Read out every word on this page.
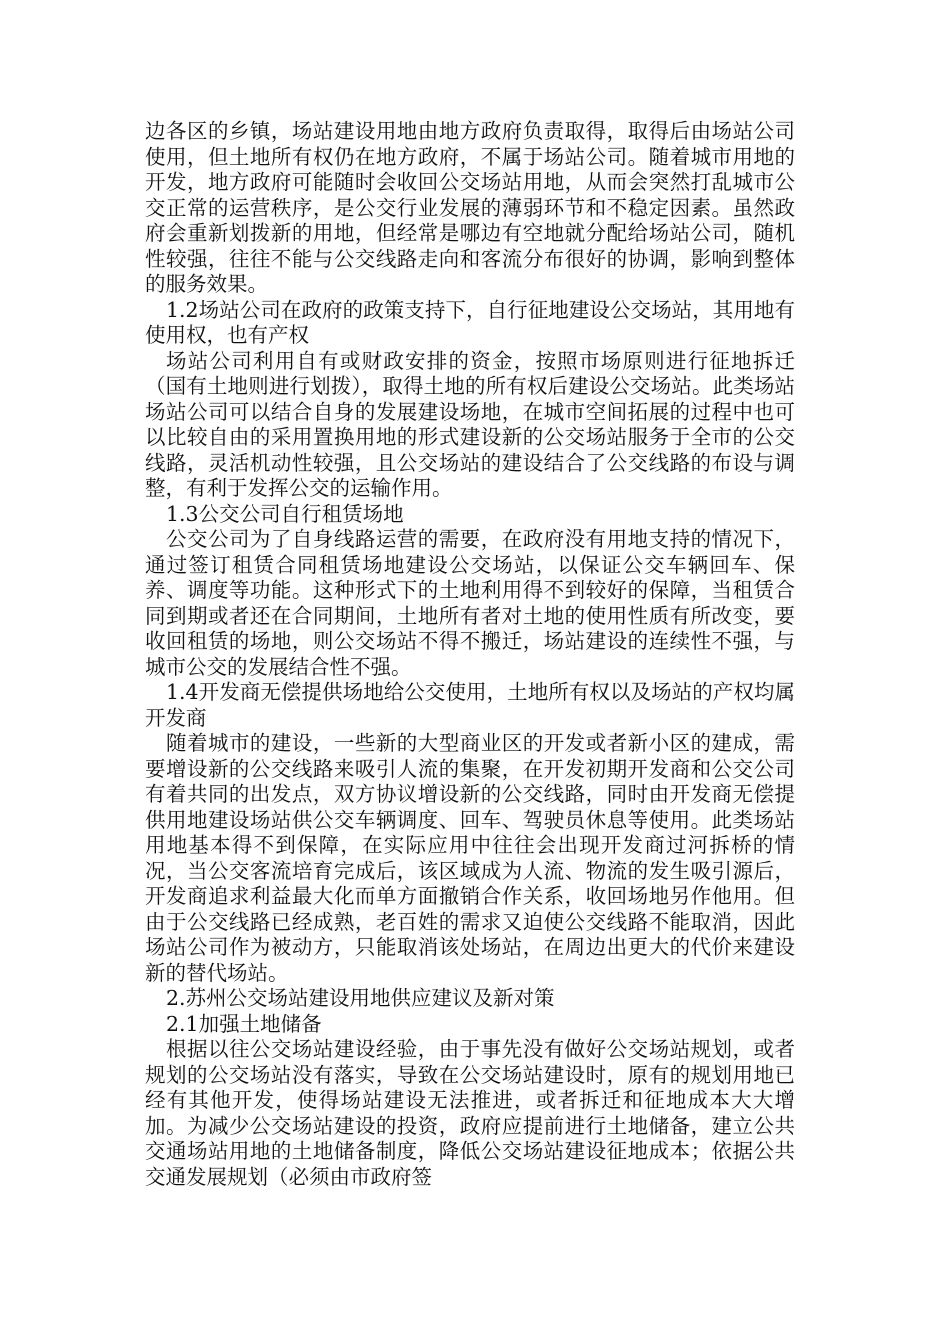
边各区的乡镇，场站建设用地由地方政府负责取得，取得后由场站公司使用，但土地所有权仍在地方政府，不属于场站公司。随着城市用地的开发，地方政府可能随时会收回公交场站用地，从而会突然打乱城市公交正常的运营秩序，是公交行业发展的薄弱环节和不稳定因素。虽然政府会重新划拨新的用地，但经常是哪边有空地就分配给场站公司，随机性较强，往往不能与公交线路走向和客流分布很好的协调，影响到整体的服务效果。

1.2场站公司在政府的政策支持下，自行征地建设公交场站，其用地有使用权，也有产权

场站公司利用自有或财政安排的资金，按照市场原则进行征地拆迁（国有土地则进行划拨），取得土地的所有权后建设公交场站。此类场站场站公司可以结合自身的发展建设场地，在城市空间拓展的过程中也可以比较自由的采用置换用地的形式建设新的公交场站服务于全市的公交线路，灵活机动性较强，且公交场站的建设结合了公交线路的布设与调整，有利于发挥公交的运输作用。

1.3公交公司自行租赁场地

公交公司为了自身线路运营的需要，在政府没有用地支持的情况下，通过签订租赁合同租赁场地建设公交场站，以保证公交车辆回车、保养、调度等功能。这种形式下的土地利用得不到较好的保障，当租赁合同到期或者还在合同期间，土地所有者对土地的使用性质有所改变，要收回租赁的场地，则公交场站不得不搬迁，场站建设的连续性不强，与城市公交的发展结合性不强。

1.4开发商无偿提供场地给公交使用，土地所有权以及场站的产权均属开发商

随着城市的建设，一些新的大型商业区的开发或者新小区的建成，需要增设新的公交线路来吸引人流的集聚，在开发初期开发商和公交公司有着共同的出发点，双方协议增设新的公交线路，同时由开发商无偿提供用地建设场站供公交车辆调度、回车、驾驶员休息等使用。此类场站用地基本得不到保障，在实际应用中往往会出现开发商过河拆桥的情况，当公交客流培育完成后，该区域成为人流、物流的发生吸引源后，开发商追求利益最大化而单方面撤销合作关系，收回场地另作他用。但由于公交线路已经成熟，老百姓的需求又迫使公交线路不能取消，因此场站公司作为被动方，只能取消该处场站，在周边出更大的代价来建设新的替代场站。

2.苏州公交场站建设用地供应建议及新对策

2.1加强土地储备

根据以往公交场站建设经验，由于事先没有做好公交场站规划，或者规划的公交场站没有落实，导致在公交场站建设时，原有的规划用地已经有其他开发，使得场站建设无法推进，或者拆迁和征地成本大大增加。为减少公交场站建设的投资，政府应提前进行土地储备，建立公共交通场站用地的土地储备制度，降低公交场站建设征地成本；依据公共交通发展规划（必须由市政府签
